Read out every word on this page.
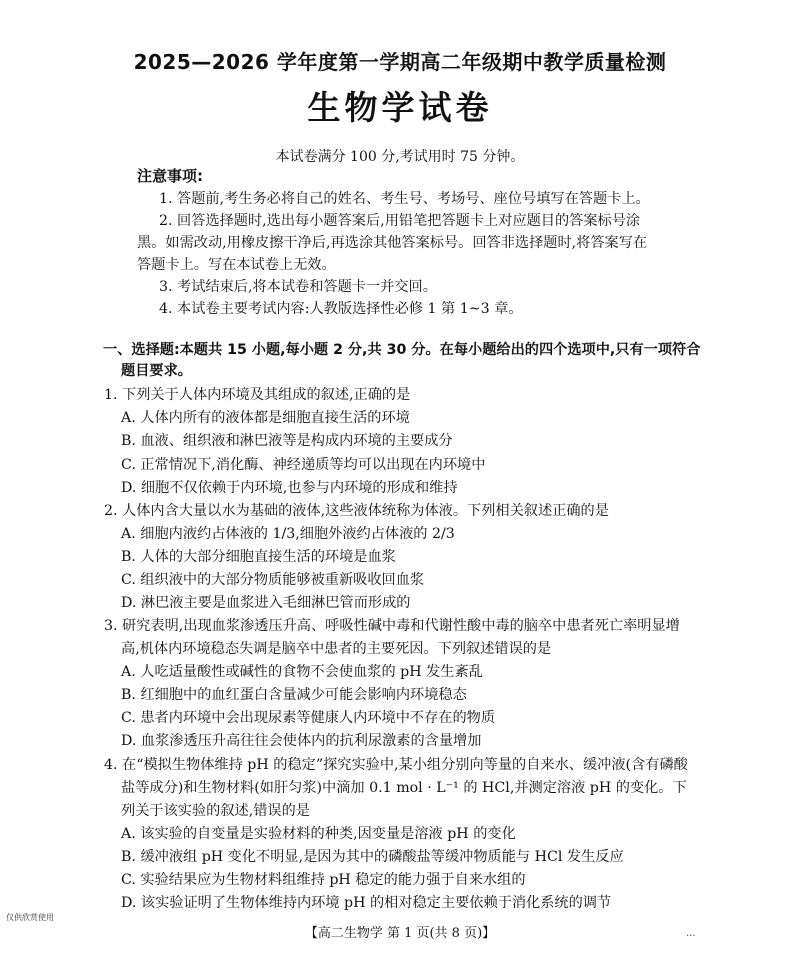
2025—2026 学年度第一学期高二年级期中教学质量检测
生物学试卷
本试卷满分 100 分,考试用时 75 分钟。
注意事项:
1. 答题前,考生务必将自己的姓名、考生号、考场号、座位号填写在答题卡上。
2. 回答选择题时,选出每小题答案后,用铅笔把答题卡上对应题目的答案标号涂
黑。如需改动,用橡皮擦干净后,再选涂其他答案标号。回答非选择题时,将答案写在
答题卡上。写在本试卷上无效。
3. 考试结束后,将本试卷和答题卡一并交回。
4. 本试卷主要考试内容:人教版选择性必修 1 第 1~3 章。
一、选择题:本题共 15 小题,每小题 2 分,共 30 分。在每小题给出的四个选项中,只有一项符合
题目要求。
1. 下列关于人体内环境及其组成的叙述,正确的是
A. 人体内所有的液体都是细胞直接生活的环境
B. 血液、组织液和淋巴液等是构成内环境的主要成分
C. 正常情况下,消化酶、神经递质等均可以出现在内环境中
D. 细胞不仅依赖于内环境,也参与内环境的形成和维持
2. 人体内含大量以水为基础的液体,这些液体统称为体液。下列相关叙述正确的是
A. 细胞内液约占体液的 1/3,细胞外液约占体液的 2/3
B. 人体的大部分细胞直接生活的环境是血浆
C. 组织液中的大部分物质能够被重新吸收回血浆
D. 淋巴液主要是血浆进入毛细淋巴管而形成的
3. 研究表明,出现血浆渗透压升高、呼吸性碱中毒和代谢性酸中毒的脑卒中患者死亡率明显增
高,机体内环境稳态失调是脑卒中患者的主要死因。下列叙述错误的是
A. 人吃适量酸性或碱性的食物不会使血浆的 pH 发生紊乱
B. 红细胞中的血红蛋白含量减少可能会影响内环境稳态
C. 患者内环境中会出现尿素等健康人内环境中不存在的物质
D. 血浆渗透压升高往往会使体内的抗利尿激素的含量增加
4. 在“模拟生物体维持 pH 的稳定”探究实验中,某小组分别向等量的自来水、缓冲液(含有磷酸
盐等成分)和生物材料(如肝匀浆)中滴加 0.1 mol · L⁻¹ 的 HCl,并测定溶液 pH 的变化。下
列关于该实验的叙述,错误的是
A. 该实验的自变量是实验材料的种类,因变量是溶液 pH 的变化
B. 缓冲液组 pH 变化不明显,是因为其中的磷酸盐等缓冲物质能与 HCl 发生反应
C. 实验结果应为生物材料组维持 pH 稳定的能力强于自来水组的
D. 该实验证明了生物体维持内环境 pH 的相对稳定主要依赖于消化系统的调节
仅供欣赏使用
【高二生物学 第 1 页(共 8 页)】	...
